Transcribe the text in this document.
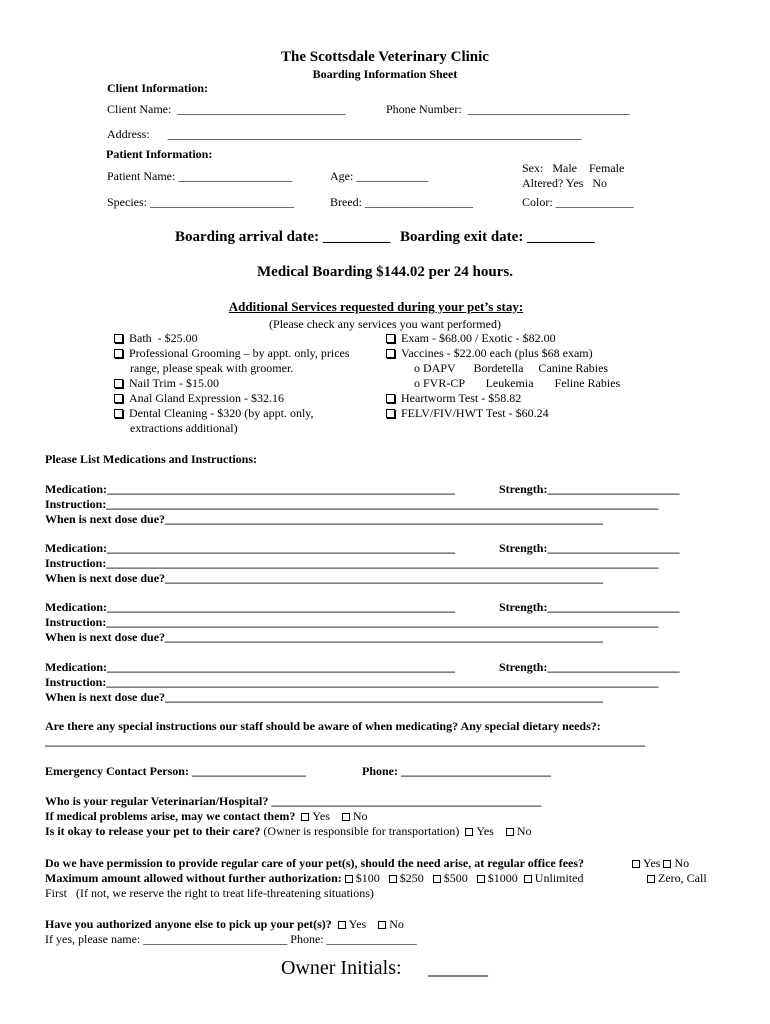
The Scottsdale Veterinary Clinic
Boarding Information Sheet
Client Information:
Client Name:  ____________________________	Phone Number:  ___________________________
Address:      _____________________________________________________________________
Patient Information:
Sex:   Male    Female
Patient Name: ___________________	Age: ____________	Altered? Yes   No
Species: ________________________	Breed: __________________	Color: _____________
Boarding arrival date: _________ Boarding exit date: _________
Medical Boarding $144.02 per 24 hours.
Additional Services requested during your pet’s stay:
(Please check any services you want performed)
Bath  - $25.00
Professional Grooming – by appt. only, prices
range, please speak with groomer.
Nail Trim - $15.00
Anal Gland Expression - $32.16
Dental Cleaning - $320 (by appt. only,
extractions additional)
Exam - $68.00 / Exotic - $82.00
Vaccines - $22.00 each (plus $68 exam)
o DAPV      Bordetella     Canine Rabies
o FVR-CP       Leukemia       Feline Rabies
Heartworm Test - $58.82
FELV/FIV/HWT Test - $60.24
Please List Medications and Instructions:
Medication:__________________________________________________________	Strength:______________________
Instruction:____________________________________________________________________________________________
When is next dose due?_________________________________________________________________________
Medication:__________________________________________________________	Strength:______________________
Instruction:____________________________________________________________________________________________
When is next dose due?_________________________________________________________________________
Medication:__________________________________________________________	Strength:______________________
Instruction:____________________________________________________________________________________________
When is next dose due?_________________________________________________________________________
Medication:__________________________________________________________	Strength:______________________
Instruction:____________________________________________________________________________________________
When is next dose due?_________________________________________________________________________
Are there any special instructions our staff should be aware of when medicating? Any special dietary needs?:
____________________________________________________________________________________________________
Emergency Contact Person: ___________________	Phone: _________________________
Who is your regular Veterinarian/Hospital? _____________________________________________
If medical problems arise, may we contact them? Yes No
Is it okay to release your pet to their care? (Owner is responsible for transportation) Yes No
Do we have permission to provide regular care of your pet(s), should the need arise, at regular office fees?	Yes No
Maximum amount allowed without further authorization: $100 $250 $500 $1000 Unlimited	Zero, Call
First   (If not, we reserve the right to treat life-threatening situations)
Have you authorized anyone else to pick up your pet(s)? Yes No
If yes, please name: ________________________ Phone: _______________
Owner Initials: ______
